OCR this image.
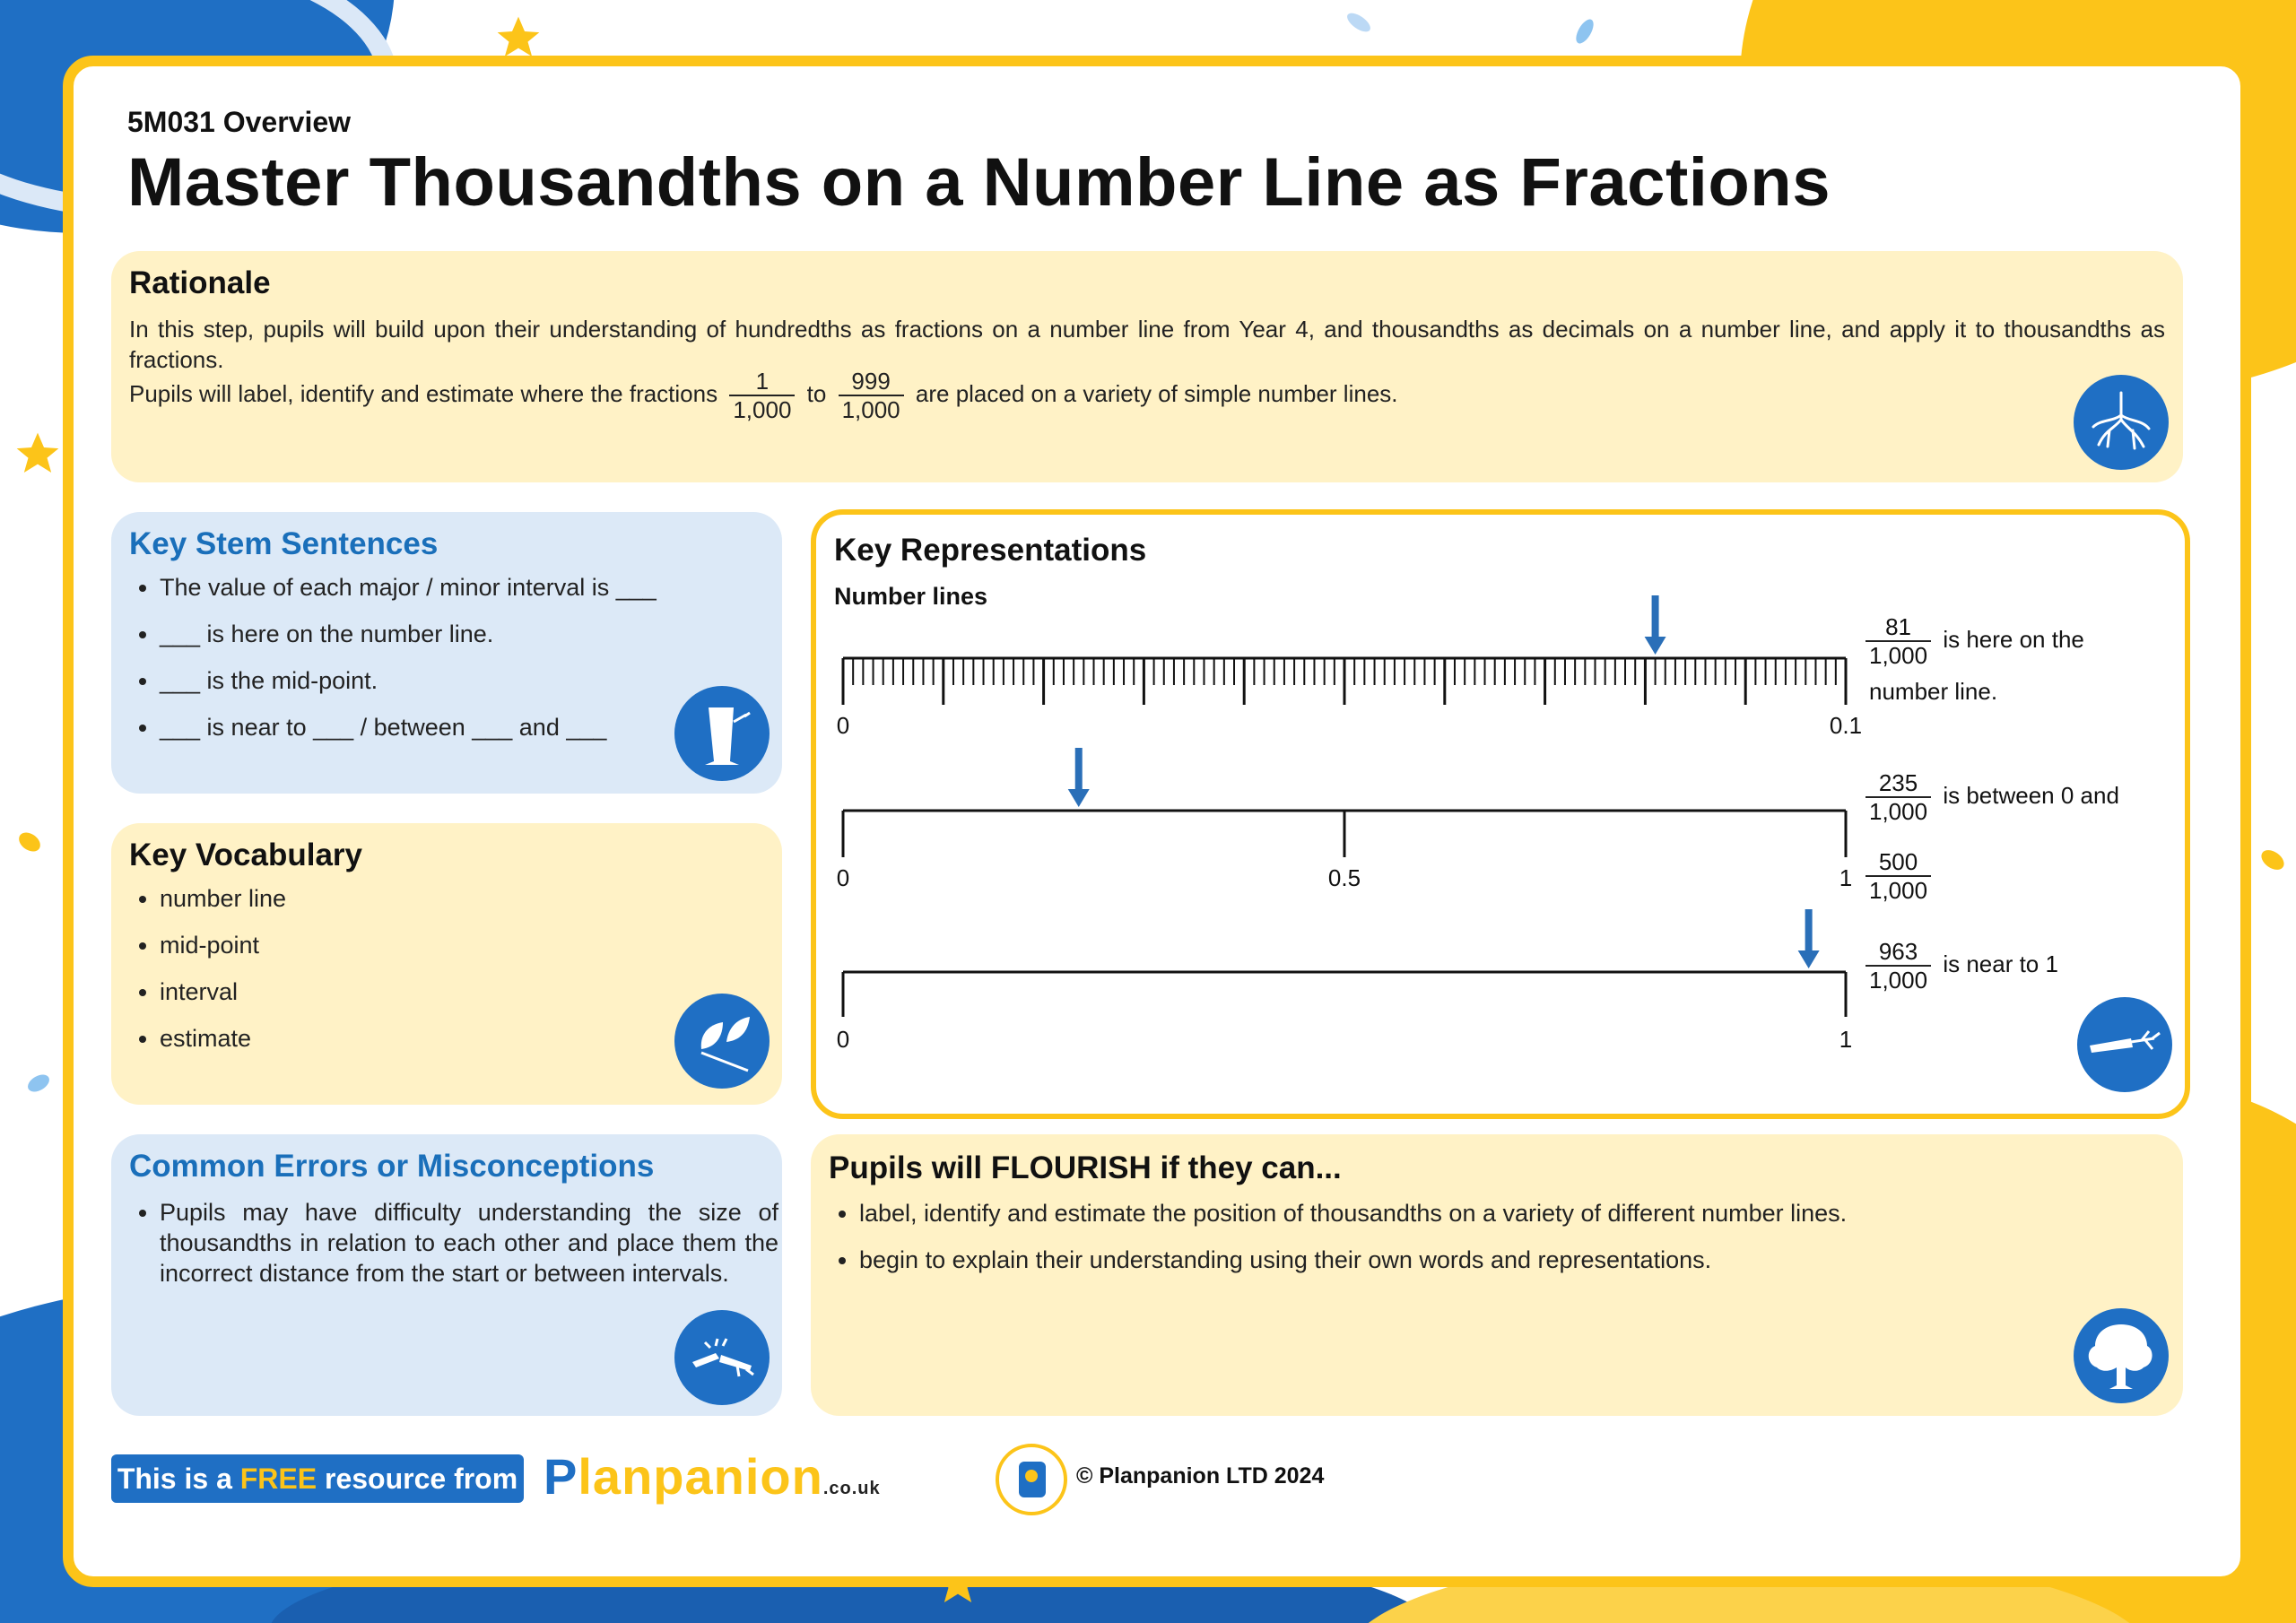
5M031 Overview
Master Thousandths on a Number Line as Fractions
Rationale
In this step, pupils will build upon their understanding of hundredths as fractions on a number line from Year 4, and thousandths as decimals on a number line, and apply it to thousandths as fractions.
Pupils will label, identify and estimate where the fractions $\frac{1}{1,000}$ to $\frac{999}{1,000}$ are placed on a variety of simple number lines.
Key Stem Sentences
• The value of each major / minor interval is ___
• ___ is here on the number line.
• ___ is the mid-point.
• ___ is near to ___ / between ___ and ___
Key Vocabulary
• number line
• mid-point
• interval
• estimate
Common Errors or Misconceptions
• Pupils may have difficulty understanding the size of thousandths in relation to each other and place them the incorrect distance from the start or between intervals.
Key Representations
Number lines
0	0.1
0	0.5	1
0	1
$\frac{81}{1,000}$ is here on the
number line.
$\frac{235}{1,000}$ is between 0 and
$\frac{500}{1,000}$
$\frac{963}{1,000}$ is near to 1
Pupils will FLOURISH if they can...
• label, identify and estimate the position of thousandths on a variety of different number lines.
• begin to explain their understanding using their own words and representations.
This is a FREE resource from Planpanion.co.uk	© Planpanion LTD 2024
